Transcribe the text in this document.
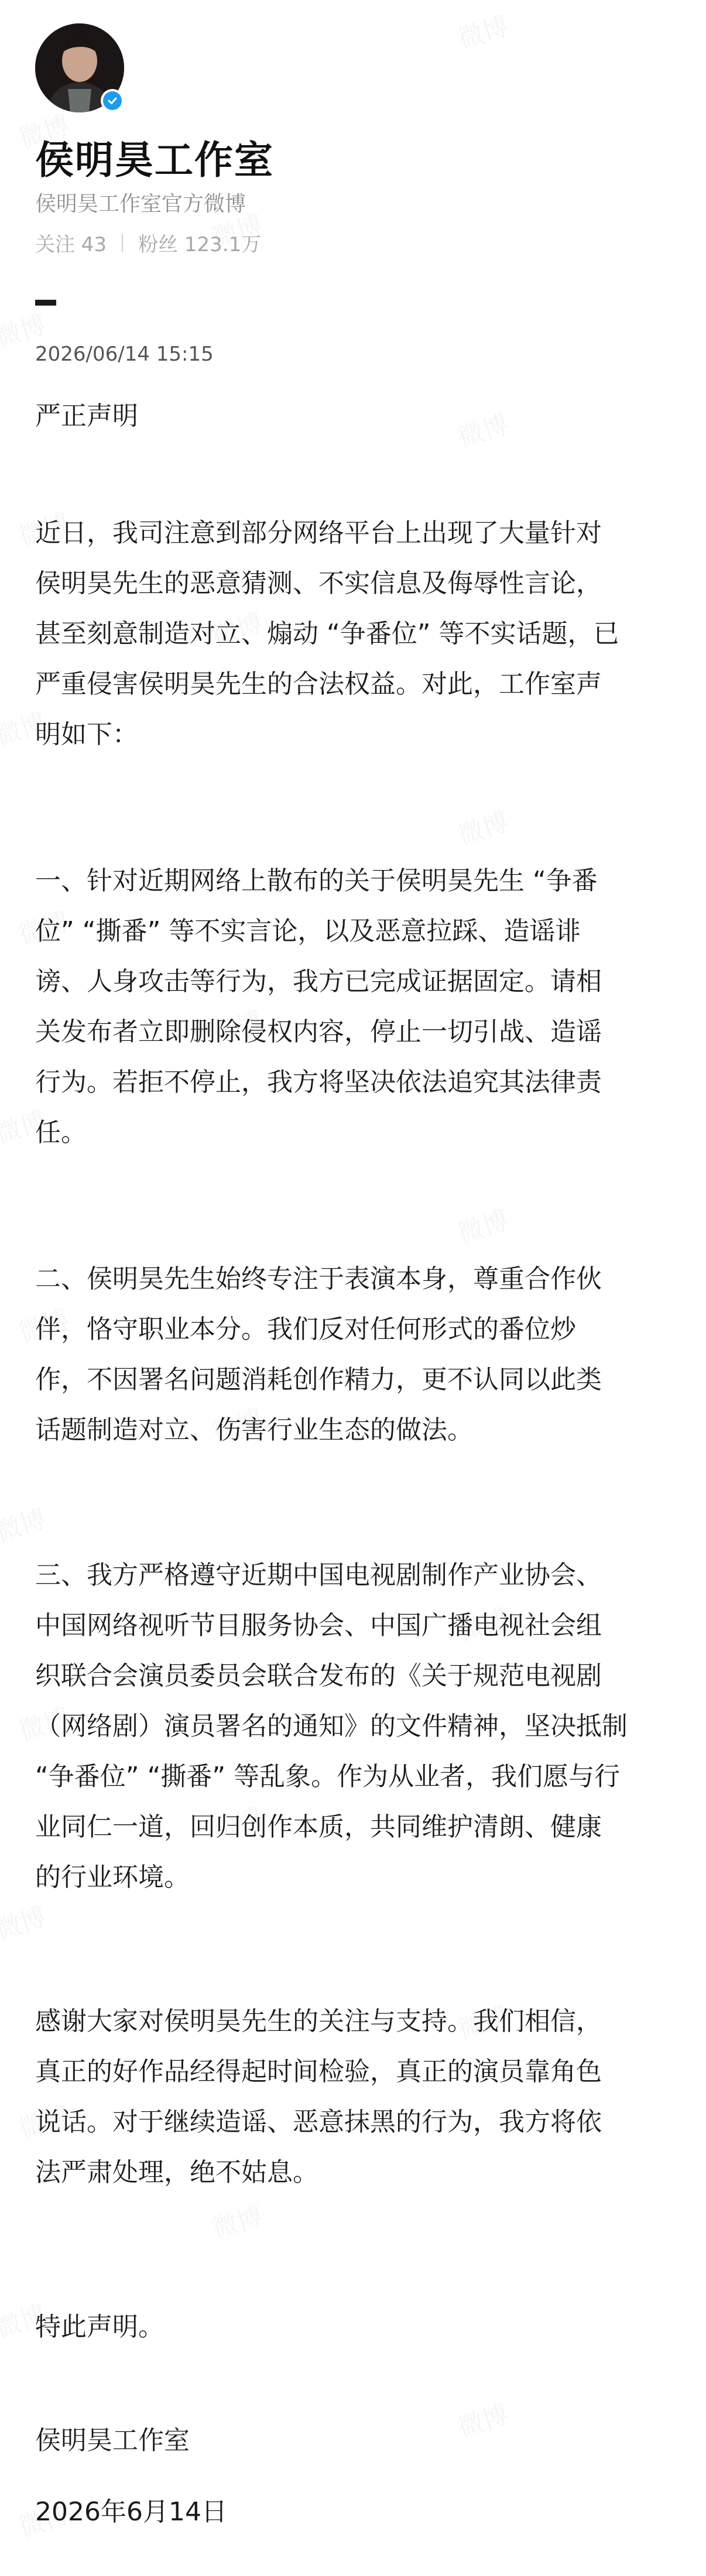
侯明昊工作室
侯明昊工作室官方微博
关注 43 粉丝 123.1万
2026/06/14 15:15
严正声明
近日，我司注意到部分网络平台上出现了大量针对
侯明昊先生的恶意猜测、不实信息及侮辱性言论，
甚至刻意制造对立、煽动 “争番位” 等不实话题，已
严重侵害侯明昊先生的合法权益。对此，工作室声
明如下：
一、针对近期网络上散布的关于侯明昊先生 “争番
位” “撕番” 等不实言论，以及恶意拉踩、造谣诽
谤、人身攻击等行为，我方已完成证据固定。请相
关发布者立即删除侵权内容，停止一切引战、造谣
行为。若拒不停止，我方将坚决依法追究其法律责
任。
二、侯明昊先生始终专注于表演本身，尊重合作伙
伴，恪守职业本分。我们反对任何形式的番位炒
作，不因署名问题消耗创作精力，更不认同以此类
话题制造对立、伤害行业生态的做法。
三、我方严格遵守近期中国电视剧制作产业协会、
中国网络视听节目服务协会、中国广播电视社会组
织联合会演员委员会联合发布的《关于规范电视剧
（网络剧）演员署名的通知》的文件精神，坚决抵制
“争番位” “撕番” 等乱象。作为从业者，我们愿与行
业同仁一道，回归创作本质，共同维护清朗、健康
的行业环境。
感谢大家对侯明昊先生的关注与支持。我们相信，
真正的好作品经得起时间检验，真正的演员靠角色
说话。对于继续造谣、恶意抹黑的行为，我方将依
法严肃处理，绝不姑息。
特此声明。
侯明昊工作室
2026年6月14日
